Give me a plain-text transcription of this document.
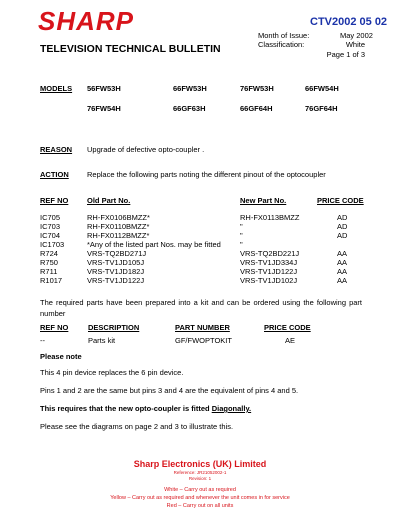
SHARP	CTV2002 05 02
Month of Issue:	May 2002
Classification:	White
TELEVISION TECHNICAL BULLETIN	Page 1 of 3
MODELS 56FW53H	66FW53H	76FW53H	66FW54H
76FW54H	66GF63H	66GF64H	76GF64H
REASON Upgrade of defective opto-coupler .
ACTION Replace the following parts noting the different pinout of the optocoupler
REF NO Old Part No.	New Part No.	PRICE CODE
IC705	RH-FX0106BMZZ*	RH-FX0113BMZZ	AD
IC703	RH-FX0110BMZZ*	"	AD
IC704	RH-FX0112BMZZ*	"	AD
IC1703	*Any of the listed part Nos. may be fitted	"
R724	VRS-TQ2BD271J	VRS-TQ2BD221J	AA
R750	VRS-TV1JD105J	VRS-TV1JD334J	AA
R711	VRS-TV1JD182J	VRS-TV1JD122J	AA
R1017	VRS-TV1JD122J	VRS-TV1JD102J	AA
The required parts have been prepared into a kit and can be ordered using the following part number
REF NO	DESCRIPTION	PART NUMBER	PRICE CODE
--	Parts kit	GF/FWOPTOKIT	AE
Please note
This 4 pin device replaces the 6 pin device.
Pins 1 and 2 are the same but pins 3 and 4 are the equivalent of pins 4 and 5.
This requires that the new opto-coupler is fitted Diagonally.
Please see the diagrams on page 2 and 3 to illustrate this.
Sharp Electronics (UK) Limited
Reference: JR21052002-1
Revision: 1
White – Carry out as required
Yellow – Carry out as required and whenever the unit comes in for service
Red – Carry out on all units
